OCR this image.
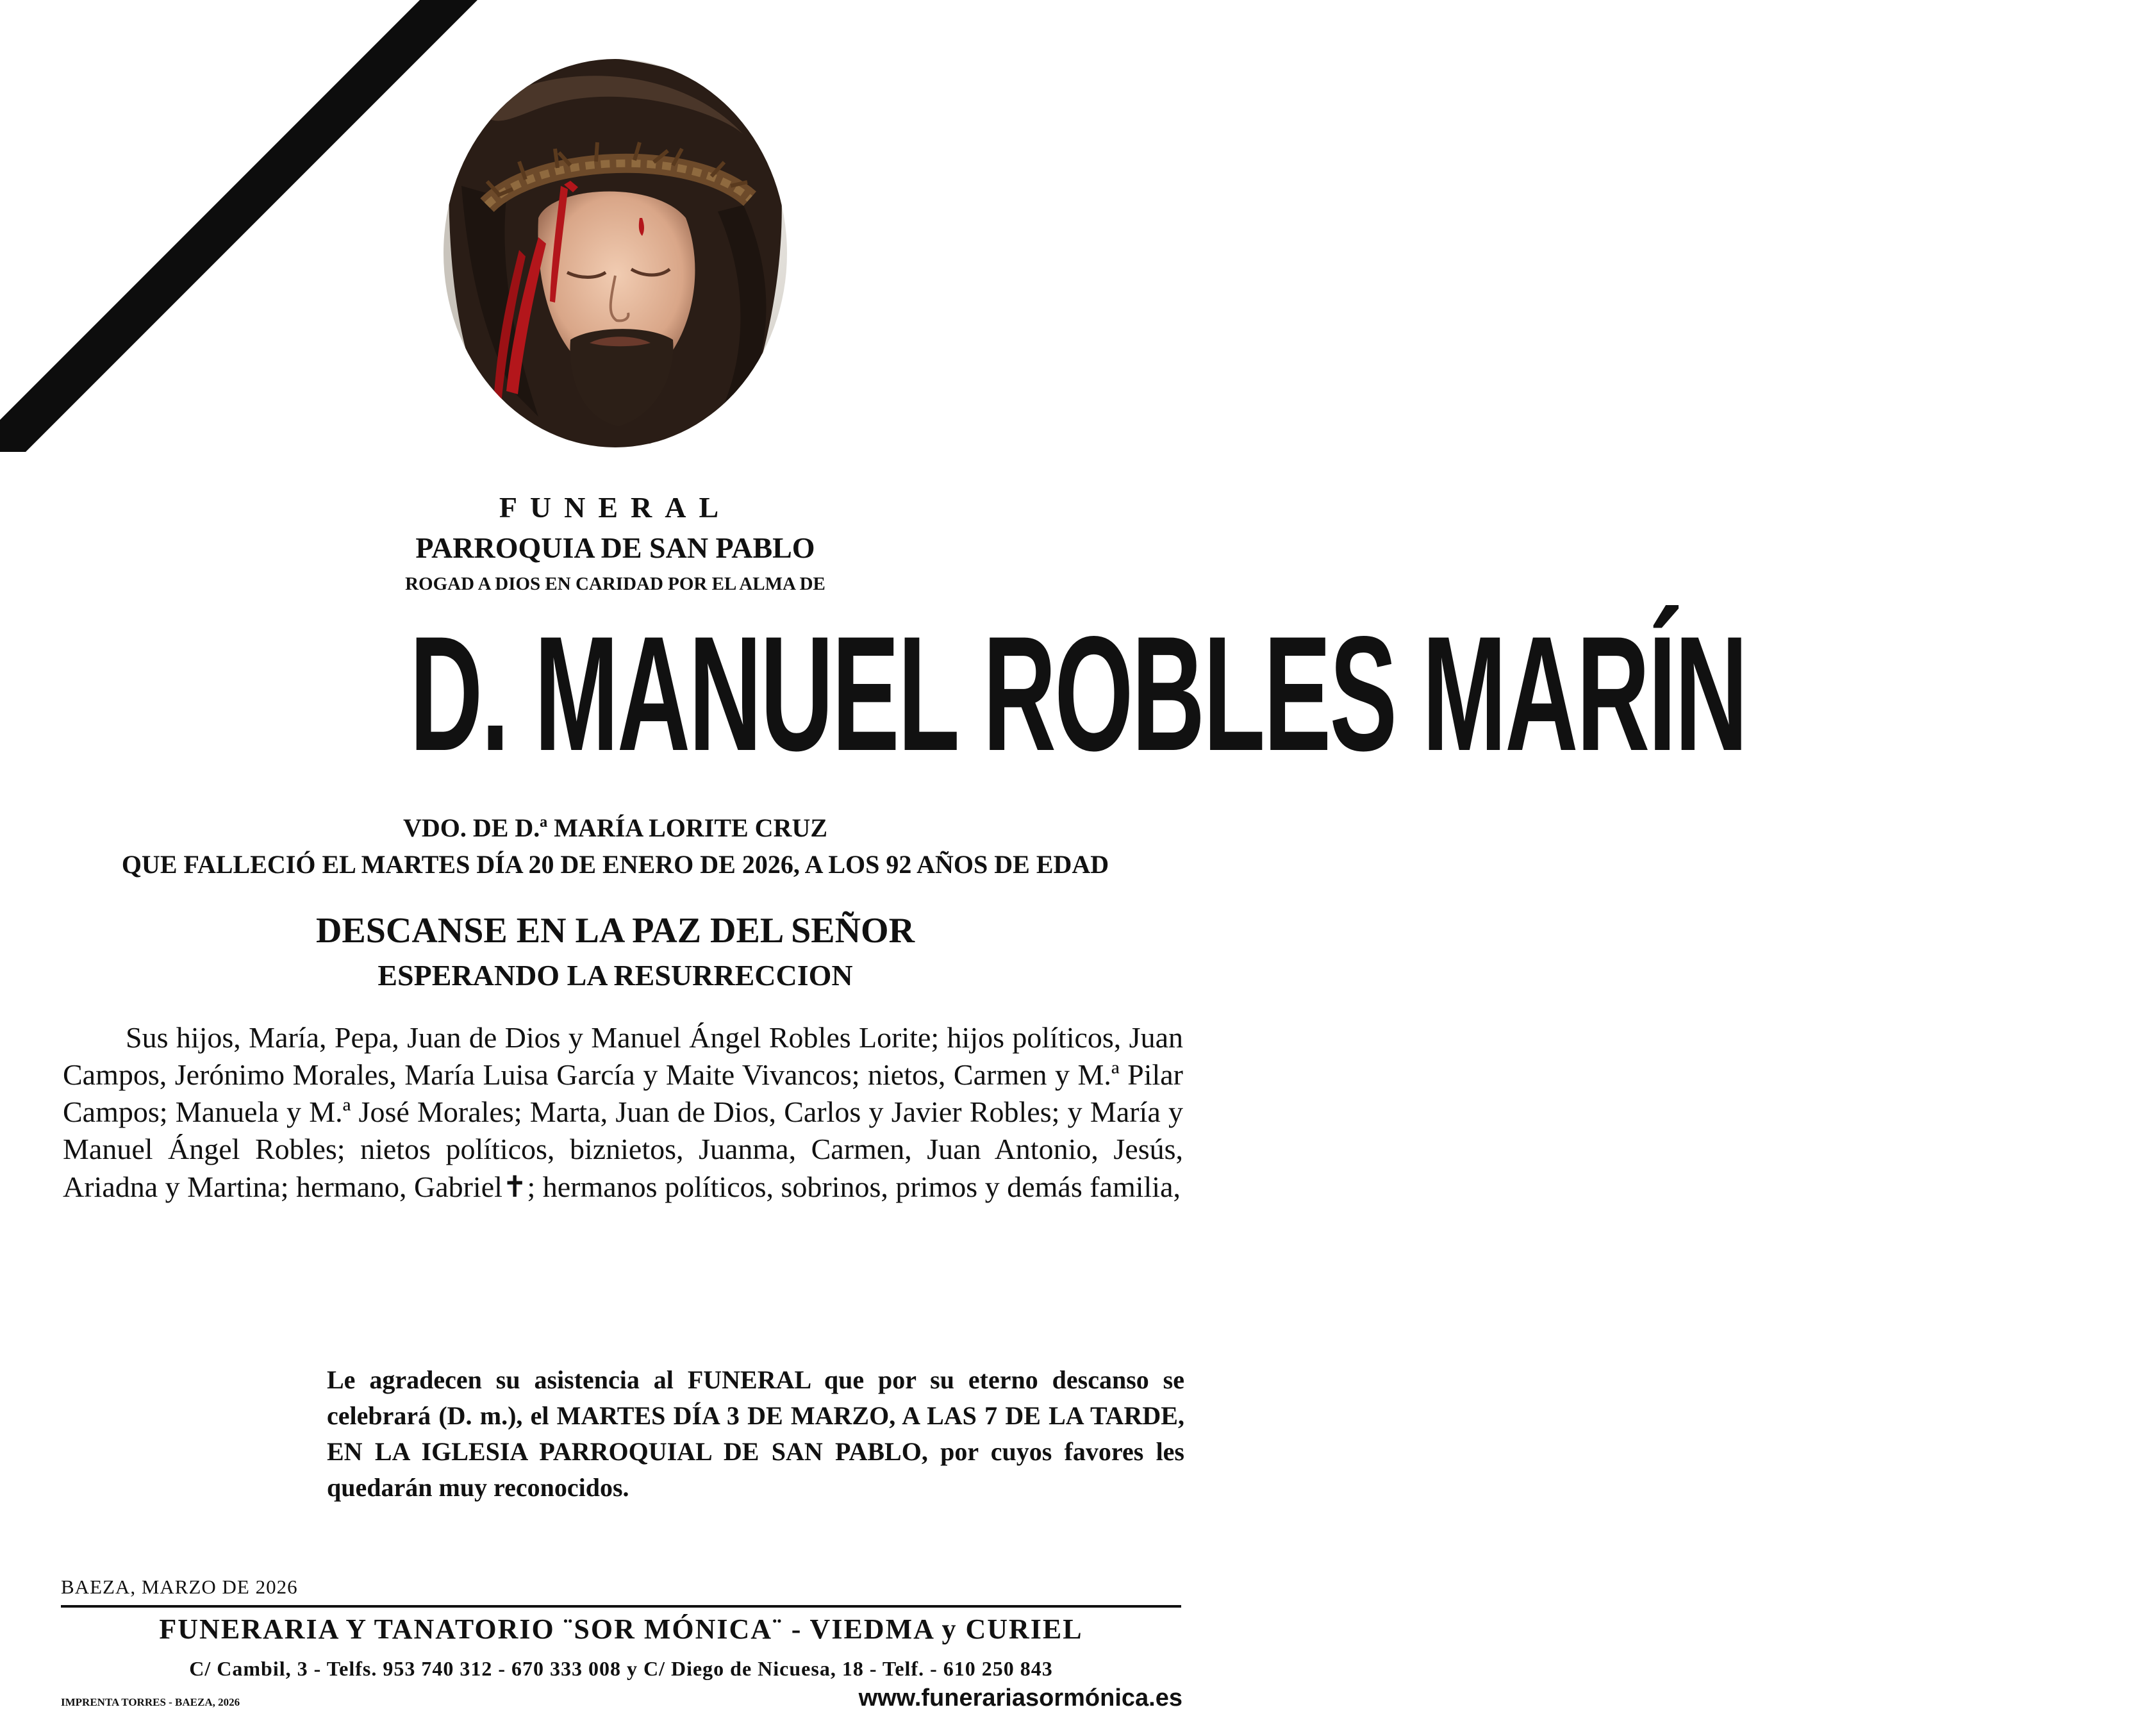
FUNERAL
PARROQUIA DE SAN PABLO
ROGAD A DIOS EN CARIDAD POR EL ALMA DE
D. MANUEL ROBLES MARÍN
VDO. DE D.ª MARÍA LORITE CRUZ
QUE FALLECIÓ EL MARTES DÍA 20 DE ENERO DE 2026, A LOS 92 AÑOS DE EDAD
DESCANSE EN LA PAZ DEL SEÑOR
ESPERANDO LA RESURRECCION
Sus hijos, María, Pepa, Juan de Dios y Manuel Ángel Robles Lorite; hijos políticos, Juan Campos, Jerónimo Morales, María Luisa García y Maite Vivancos; nietos, Carmen y M.ª Pilar Campos; Manuela y M.ª José Morales; Marta, Juan de Dios, Carlos y Javier Robles; y María y Manuel Ángel Robles; nietos políticos, biznietos, Juanma, Carmen, Juan Antonio, Jesús, Ariadna y Martina; hermano, Gabriel✝; hermanos políticos, sobrinos, primos y demás familia,
Le agradecen su asistencia al FUNERAL que por su eterno descanso se celebrará (D. m.), el MARTES DÍA 3 DE MARZO, A LAS 7 DE LA TARDE, EN LA IGLESIA PARROQUIAL DE SAN PABLO, por cuyos favores les quedarán muy reconocidos.
BAEZA, MARZO DE 2026
FUNERARIA Y TANATORIO ¨SOR MÓNICA¨ - VIEDMA y CURIEL
C/ Cambil, 3 - Telfs. 953 740 312 - 670 333 008 y C/ Diego de Nicuesa, 18 - Telf. - 610 250 843
IMPRENTA TORRES - BAEZA, 2026	www.funerariasormónica.es
